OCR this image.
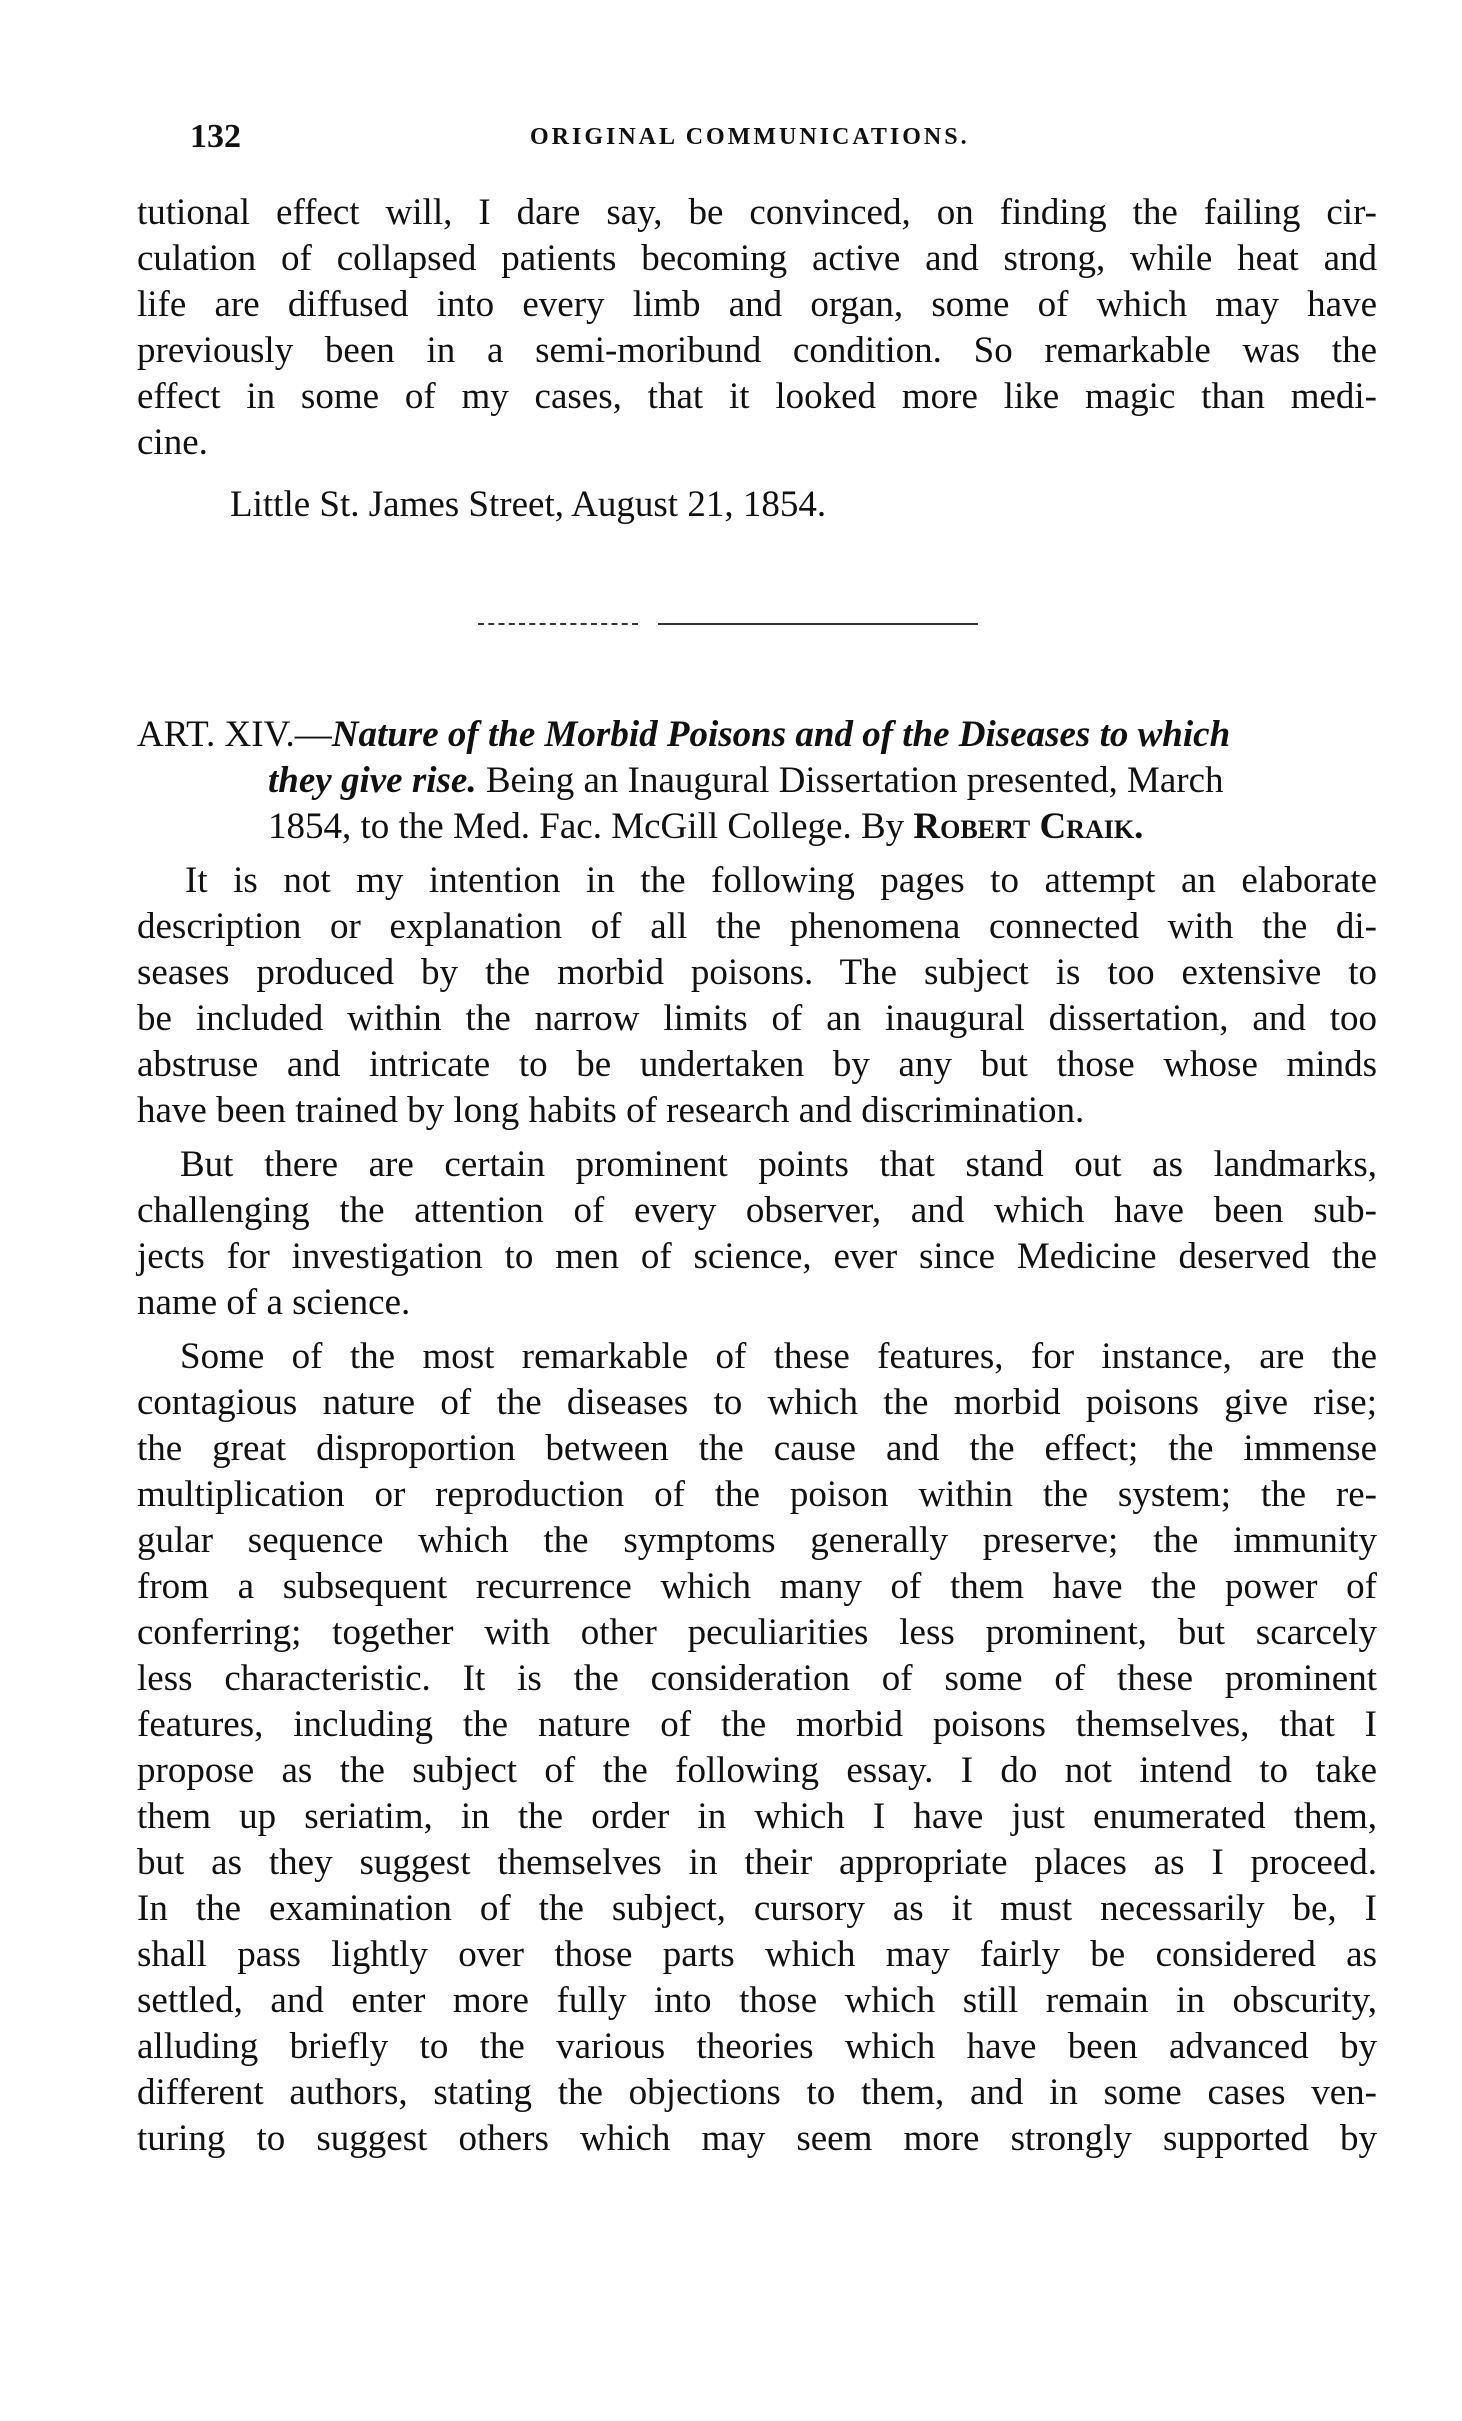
132	ORIGINAL COMMUNICATIONS.
tutional effect will, I dare say, be convinced, on finding the failing cir-
culation of collapsed patients becoming active and strong, while heat and
life are diffused into every limb and organ, some of which may have
previously been in a semi-moribund condition. So remarkable was the
effect in some of my cases, that it looked more like magic than medi-
cine.
Little St. James Street, August 21, 1854.
ART. XIV.—Nature of the Morbid Poisons and of the Diseases to which
they give rise. Being an Inaugural Dissertation presented, March
1854, to the Med. Fac. McGill College. By Robert Craik.
It is not my intention in the following pages to attempt an elaborate
description or explanation of all the phenomena connected with the di-
seases produced by the morbid poisons. The subject is too extensive to
be included within the narrow limits of an inaugural dissertation, and too
abstruse and intricate to be undertaken by any but those whose minds
have been trained by long habits of research and discrimination.
But there are certain prominent points that stand out as landmarks,
challenging the attention of every observer, and which have been sub-
jects for investigation to men of science, ever since Medicine deserved the
name of a science.
Some of the most remarkable of these features, for instance, are the
contagious nature of the diseases to which the morbid poisons give rise;
the great disproportion between the cause and the effect; the immense
multiplication or reproduction of the poison within the system; the re-
gular sequence which the symptoms generally preserve; the immunity
from a subsequent recurrence which many of them have the power of
conferring; together with other peculiarities less prominent, but scarcely
less characteristic. It is the consideration of some of these prominent
features, including the nature of the morbid poisons themselves, that I
propose as the subject of the following essay. I do not intend to take
them up seriatim, in the order in which I have just enumerated them,
but as they suggest themselves in their appropriate places as I proceed.
In the examination of the subject, cursory as it must necessarily be, I
shall pass lightly over those parts which may fairly be considered as
settled, and enter more fully into those which still remain in obscurity,
alluding briefly to the various theories which have been advanced by
different authors, stating the objections to them, and in some cases ven-
turing to suggest others which may seem more strongly supported by
